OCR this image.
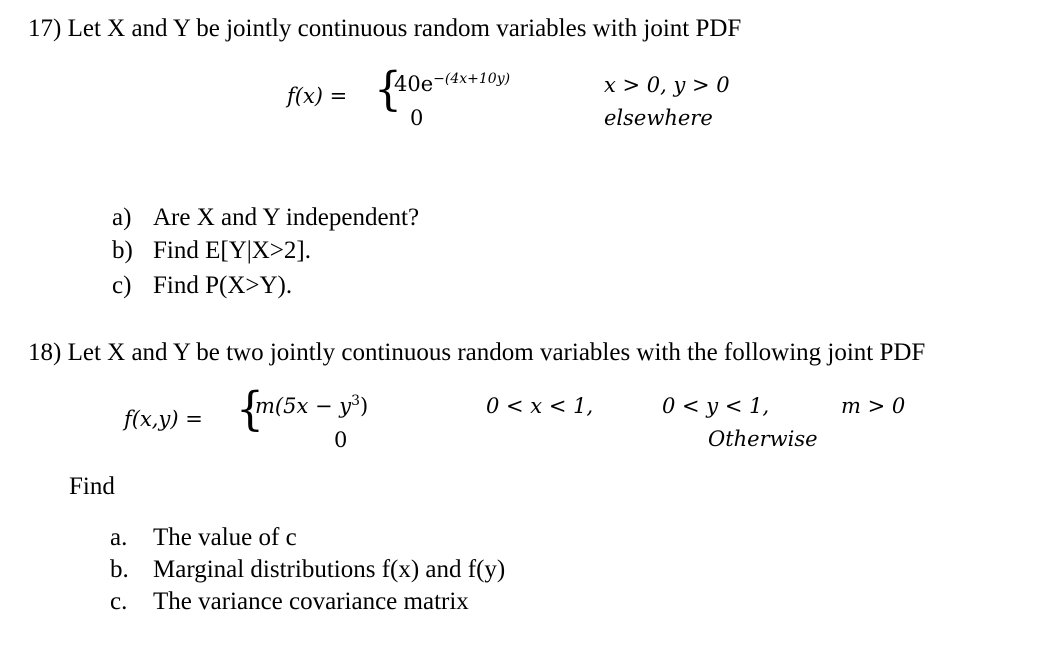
17) Let X and Y be jointly continuous random variables with joint PDF
f(x) = {
$40e^{-(4x+10y)}$	x > 0, y > 0
0	elsewhere
a) Are X and Y independent?
b) Find E[Y|X>2].
c) Find P(X>Y).
18) Let X and Y be two jointly continuous random variables with the following joint PDF
f(x,y) = {
$m(5x - y^3)$	0 < x < 1,	0 < y < 1,	m > 0
0	Otherwise
Find
a. The value of c
b. Marginal distributions f(x) and f(y)
c. The variance covariance matrix
